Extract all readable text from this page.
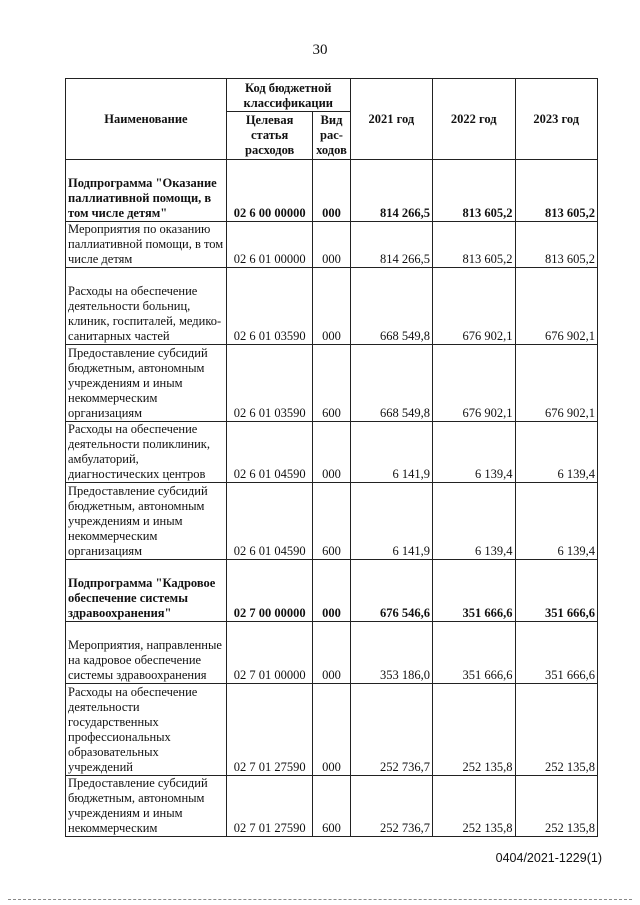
30
Наименование	Код бюджетной классификации		2021 год	2022 год	2023 год
	Целевая статья расходов	Вид рас-ходов			
Подпрограмма "Оказание паллиативной помощи, в том числе детям"	02 6 00 00000	000	814 266,5	813 605,2	813 605,2
Мероприятия по оказанию паллиативной помощи, в том числе детям	02 6 01 00000	000	814 266,5	813 605,2	813 605,2
Расходы на обеспечение деятельности больниц, клиник, госпиталей, медико-санитарных частей	02 6 01 03590	000	668 549,8	676 902,1	676 902,1
Предоставление субсидий бюджетным, автономным учреждениям и иным некоммерческим организациям	02 6 01 03590	600	668 549,8	676 902,1	676 902,1
Расходы на обеспечение деятельности поликлиник, амбулаторий, диагностических центров	02 6 01 04590	000	6 141,9	6 139,4	6 139,4
Предоставление субсидий бюджетным, автономным учреждениям и иным некоммерческим организациям	02 6 01 04590	600	6 141,9	6 139,4	6 139,4
Подпрограмма "Кадровое обеспечение системы здравоохранения"	02 7 00 00000	000	676 546,6	351 666,6	351 666,6
Мероприятия, направленные на кадровое обеспечение системы здравоохранения	02 7 01 00000	000	353 186,0	351 666,6	351 666,6
Расходы на обеспечение деятельности государственных профессиональных образовательных учреждений	02 7 01 27590	000	252 736,7	252 135,8	252 135,8
Предоставление субсидий бюджетным, автономным учреждениям и иным некоммерческим	02 7 01 27590	600	252 736,7	252 135,8	252 135,8
0404/2021-1229(1)
